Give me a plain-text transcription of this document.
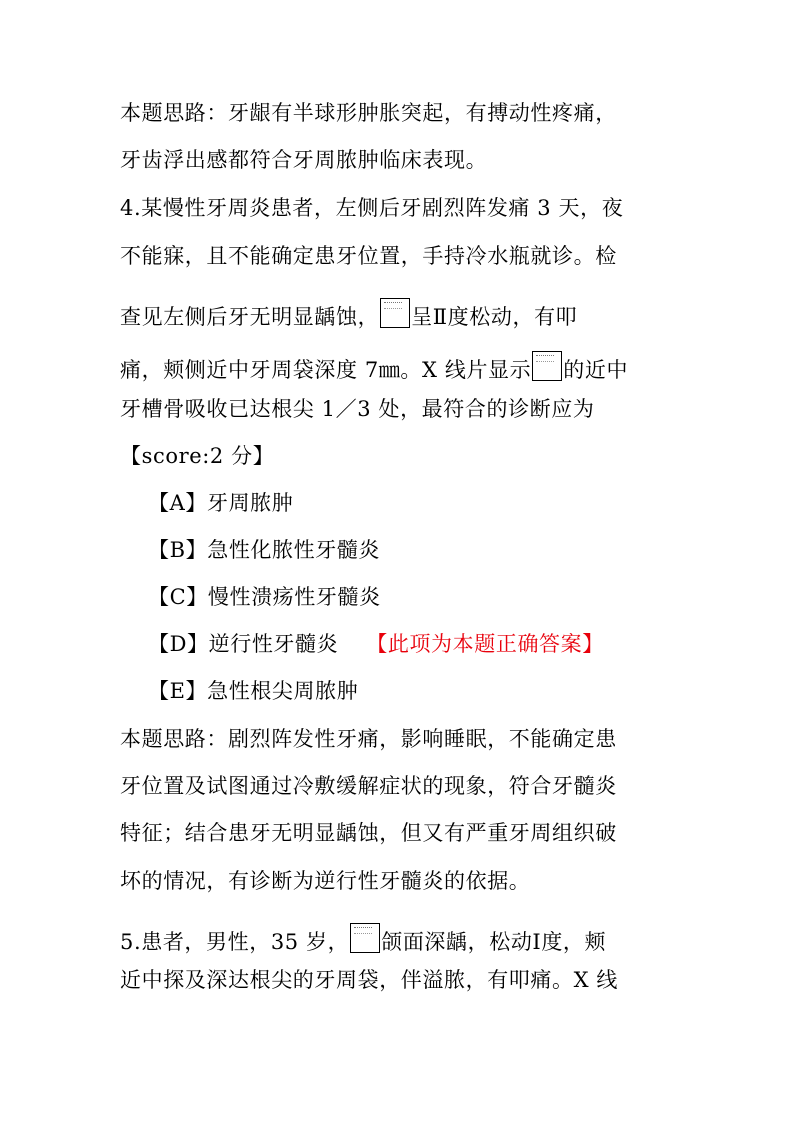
本题思路：牙龈有半球形肿胀突起，有搏动性疼痛，
牙齿浮出感都符合牙周脓肿临床表现。
4.某慢性牙周炎患者，左侧后牙剧烈阵发痛 3 天，夜
不能寐，且不能确定患牙位置，手持冷水瓶就诊。检
查见左侧后牙无明显龋蚀， 呈Ⅱ度松动，有叩
痛，颊侧近中牙周袋深度 7㎜。X 线片显示 的近中
牙槽骨吸收已达根尖 1／3 处，最符合的诊断应为
【score:2 分】
【A】牙周脓肿
【B】急性化脓性牙髓炎
【C】慢性溃疡性牙髓炎
【D】逆行性牙髓炎 【此项为本题正确答案】
【E】急性根尖周脓肿
本题思路：剧烈阵发性牙痛，影响睡眠，不能确定患
牙位置及试图通过冷敷缓解症状的现象，符合牙髓炎
特征；结合患牙无明显龋蚀，但又有严重牙周组织破
坏的情况，有诊断为逆行性牙髓炎的依据。
5.患者，男性，35 岁， 颌面深龋，松动Ⅰ度，颊
近中探及深达根尖的牙周袋，伴溢脓，有叩痛。X 线
